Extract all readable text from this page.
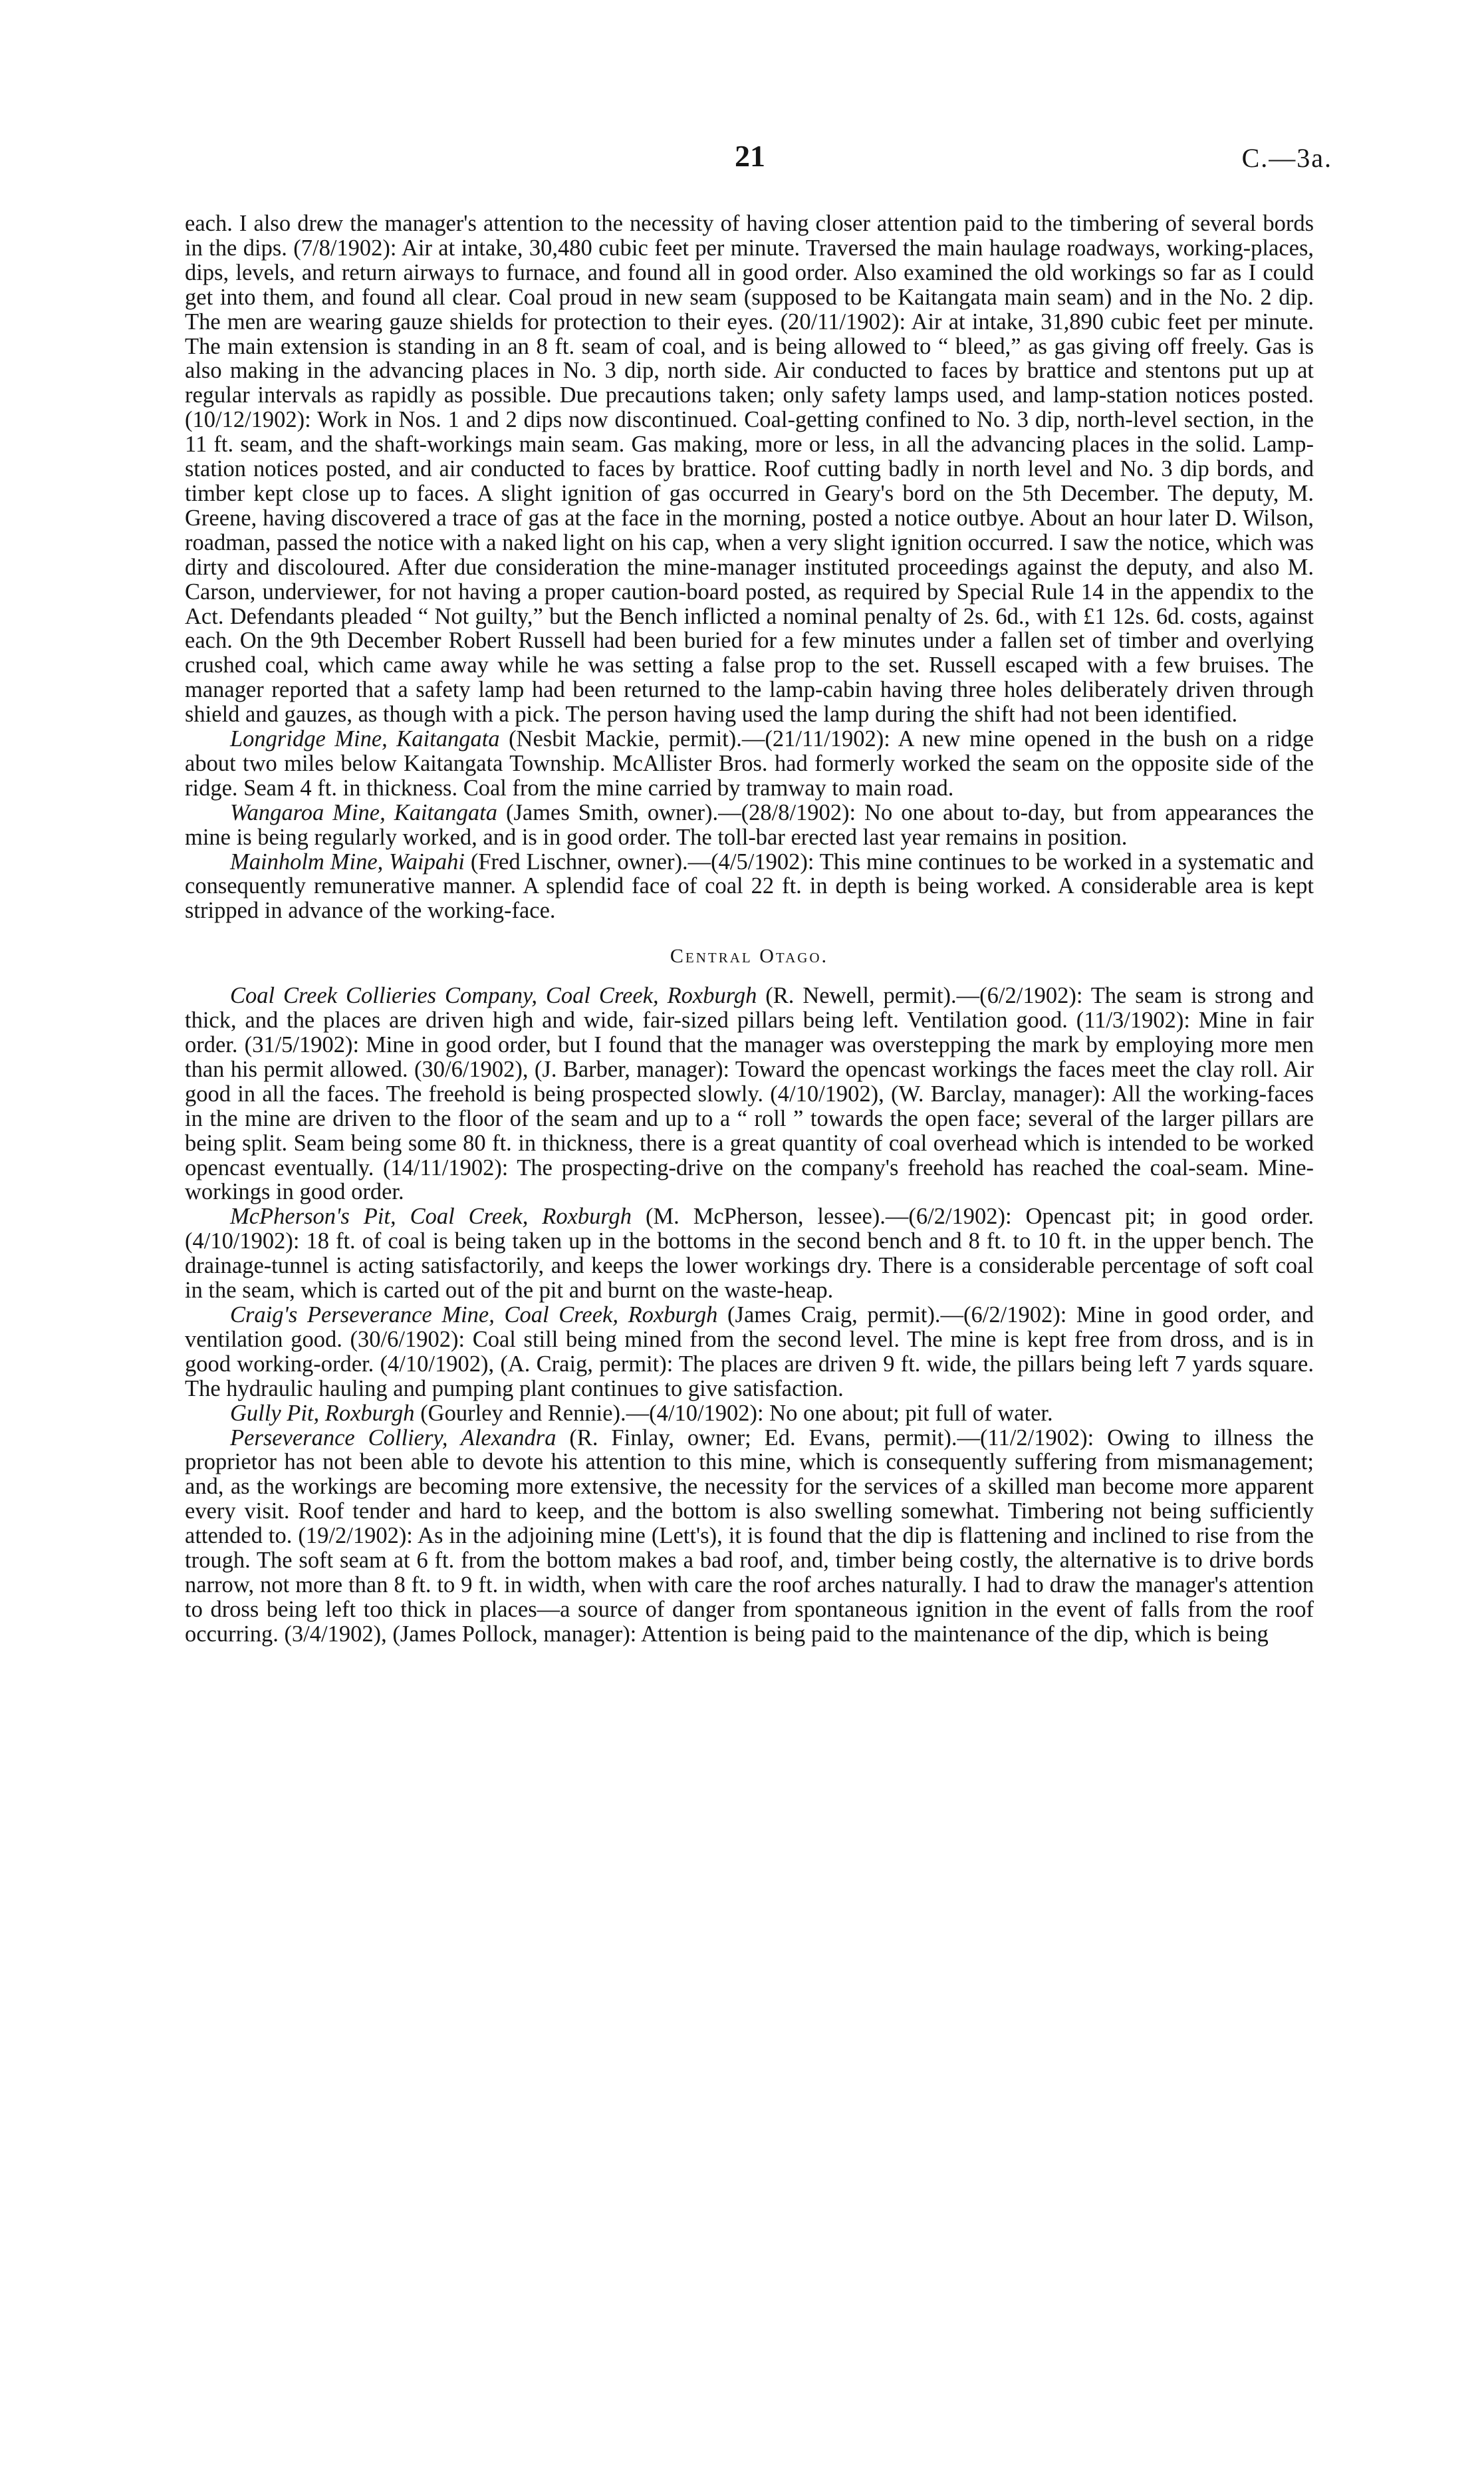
21	C.—3a.

each. I also drew the manager's attention to the necessity of having closer attention paid to the timbering of several bords in the dips. (7/8/1902): Air at intake, 30,480 cubic feet per minute. Traversed the main haulage roadways, working-places, dips, levels, and return airways to furnace, and found all in good order. Also examined the old workings so far as I could get into them, and found all clear. Coal proud in new seam (supposed to be Kaitangata main seam) and in the No. 2 dip. The men are wearing gauze shields for protection to their eyes. (20/11/1902): Air at intake, 31,890 cubic feet per minute. The main extension is standing in an 8 ft. seam of coal, and is being allowed to “ bleed,” as gas giving off freely. Gas is also making in the advancing places in No. 3 dip, north side. Air conducted to faces by brattice and stentons put up at regular intervals as rapidly as possible. Due precautions taken; only safety lamps used, and lamp-station notices posted. (10/12/1902): Work in Nos. 1 and 2 dips now discontinued. Coal-getting confined to No. 3 dip, north-level section, in the 11 ft. seam, and the shaft-workings main seam. Gas making, more or less, in all the advancing places in the solid. Lamp-station notices posted, and air conducted to faces by brattice. Roof cutting badly in north level and No. 3 dip bords, and timber kept close up to faces. A slight ignition of gas occurred in Geary's bord on the 5th December. The deputy, M. Greene, having discovered a trace of gas at the face in the morning, posted a notice outbye. About an hour later D. Wilson, roadman, passed the notice with a naked light on his cap, when a very slight ignition occurred. I saw the notice, which was dirty and discoloured. After due consideration the mine-manager instituted proceedings against the deputy, and also M. Carson, underviewer, for not having a proper caution-board posted, as required by Special Rule 14 in the appendix to the Act. Defendants pleaded “ Not guilty,” but the Bench inflicted a nominal penalty of 2s. 6d., with £1 12s. 6d. costs, against each. On the 9th December Robert Russell had been buried for a few minutes under a fallen set of timber and overlying crushed coal, which came away while he was setting a false prop to the set. Russell escaped with a few bruises. The manager reported that a safety lamp had been returned to the lamp-cabin having three holes deliberately driven through shield and gauzes, as though with a pick. The person having used the lamp during the shift had not been identified.

Longridge Mine, Kaitangata (Nesbit Mackie, permit).—(21/11/1902): A new mine opened in the bush on a ridge about two miles below Kaitangata Township. McAllister Bros. had formerly worked the seam on the opposite side of the ridge. Seam 4 ft. in thickness. Coal from the mine carried by tramway to main road.

Wangaroa Mine, Kaitangata (James Smith, owner).—(28/8/1902): No one about to-day, but from appearances the mine is being regularly worked, and is in good order. The toll-bar erected last year remains in position.

Mainholm Mine, Waipahi (Fred Lischner, owner).—(4/5/1902): This mine continues to be worked in a systematic and consequently remunerative manner. A splendid face of coal 22 ft. in depth is being worked. A considerable area is kept stripped in advance of the working-face.

Central Otago.

Coal Creek Collieries Company, Coal Creek, Roxburgh (R. Newell, permit).—(6/2/1902): The seam is strong and thick, and the places are driven high and wide, fair-sized pillars being left. Ventilation good. (11/3/1902): Mine in fair order. (31/5/1902): Mine in good order, but I found that the manager was overstepping the mark by employing more men than his permit allowed. (30/6/1902), (J. Barber, manager): Toward the opencast workings the faces meet the clay roll. Air good in all the faces. The freehold is being prospected slowly. (4/10/1902), (W. Barclay, manager): All the working-faces in the mine are driven to the floor of the seam and up to a “ roll ” towards the open face; several of the larger pillars are being split. Seam being some 80 ft. in thickness, there is a great quantity of coal overhead which is intended to be worked opencast eventually. (14/11/1902): The prospecting-drive on the company's freehold has reached the coal-seam. Mine-workings in good order.

McPherson's Pit, Coal Creek, Roxburgh (M. McPherson, lessee).—(6/2/1902): Opencast pit; in good order. (4/10/1902): 18 ft. of coal is being taken up in the bottoms in the second bench and 8 ft. to 10 ft. in the upper bench. The drainage-tunnel is acting satisfactorily, and keeps the lower workings dry. There is a considerable percentage of soft coal in the seam, which is carted out of the pit and burnt on the waste-heap.

Craig's Perseverance Mine, Coal Creek, Roxburgh (James Craig, permit).—(6/2/1902): Mine in good order, and ventilation good. (30/6/1902): Coal still being mined from the second level. The mine is kept free from dross, and is in good working-order. (4/10/1902), (A. Craig, permit): The places are driven 9 ft. wide, the pillars being left 7 yards square. The hydraulic hauling and pumping plant continues to give satisfaction.

Gully Pit, Roxburgh (Gourley and Rennie).—(4/10/1902): No one about; pit full of water.

Perseverance Colliery, Alexandra (R. Finlay, owner; Ed. Evans, permit).—(11/2/1902): Owing to illness the proprietor has not been able to devote his attention to this mine, which is consequently suffering from mismanagement; and, as the workings are becoming more extensive, the necessity for the services of a skilled man become more apparent every visit. Roof tender and hard to keep, and the bottom is also swelling somewhat. Timbering not being sufficiently attended to. (19/2/1902): As in the adjoining mine (Lett's), it is found that the dip is flattening and inclined to rise from the trough. The soft seam at 6 ft. from the bottom makes a bad roof, and, timber being costly, the alternative is to drive bords narrow, not more than 8 ft. to 9 ft. in width, when with care the roof arches naturally. I had to draw the manager's attention to dross being left too thick in places—a source of danger from spontaneous ignition in the event of falls from the roof occurring. (3/4/1902), (James Pollock, manager): Attention is being paid to the maintenance of the dip, which is being
